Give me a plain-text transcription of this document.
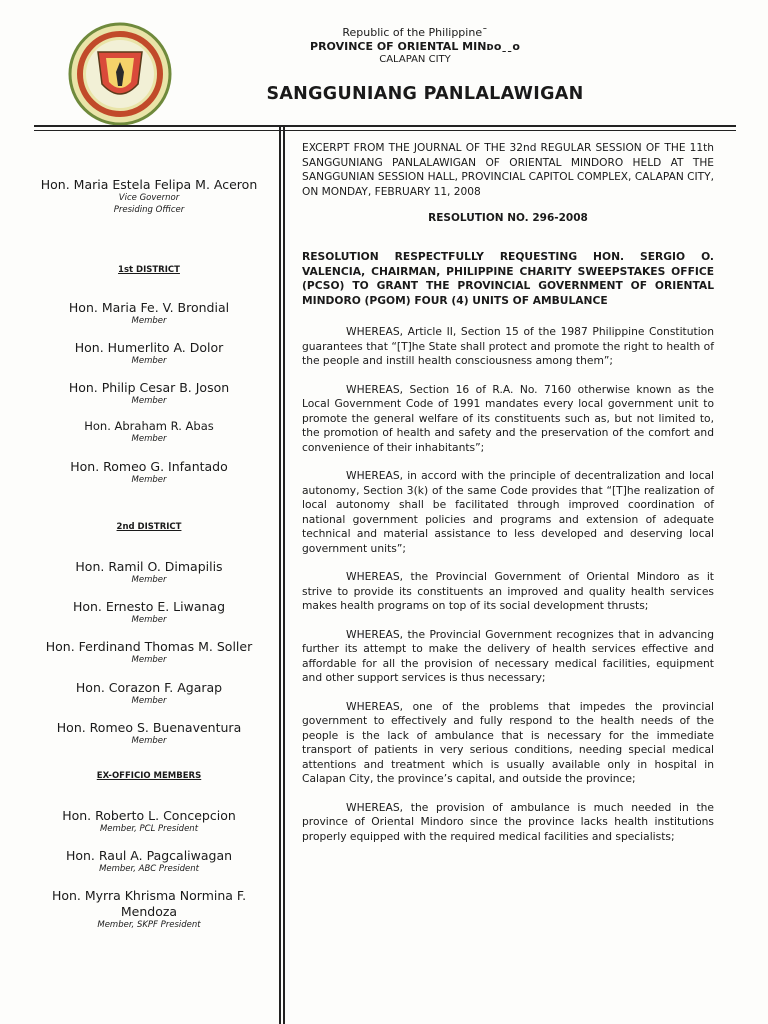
Republic of the Philippineˉ
PROVINCE OF ORIENTAL MINᴅᴏˍˍᴏ
CALAPAN CITY
SANGGUNIANG PANLALAWIGAN
Hon. Maria Estela Felipa M. Aceron
Vice Governor
Presiding Officer
1st DISTRICT
Hon. Maria Fe. V. Brondial
Member
Hon. Humerlito A. Dolor
Member
Hon. Philip Cesar B. Joson
Member
Hon. Abraham R. Abas
Member
Hon. Romeo G. Infantado
Member
2nd DISTRICT
Hon. Ramil O. Dimapilis
Member
Hon. Ernesto E. Liwanag
Member
Hon. Ferdinand Thomas M. Soller
Member
Hon. Corazon F. Agarap
Member
Hon. Romeo S. Buenaventura
Member
EX-OFFICIO MEMBERS
Hon. Roberto L. Concepcion
Member, PCL President
Hon. Raul A. Pagcaliwagan
Member, ABC President
Hon. Myrra Khrisma Normina F.
Mendoza
Member, SKPF President
EXCERPT FROM THE JOURNAL OF THE 32nd REGULAR SESSION OF THE 11th SANGGUNIANG PANLALAWIGAN OF ORIENTAL MINDORO HELD AT THE SANGGUNIAN SESSION HALL, PROVINCIAL CAPITOL COMPLEX, CALAPAN CITY, ON MONDAY, FEBRUARY 11, 2008
RESOLUTION NO. 296-2008
RESOLUTION RESPECTFULLY REQUESTING HON. SERGIO O. VALENCIA, CHAIRMAN, PHILIPPINE CHARITY SWEEPSTAKES OFFICE (PCSO) TO GRANT THE PROVINCIAL GOVERNMENT OF ORIENTAL MINDORO (PGOM) FOUR (4) UNITS OF AMBULANCE

WHEREAS, Article II, Section 15 of the 1987 Philippine Constitution guarantees that “[T]he State shall protect and promote the right to health of the people and instill health consciousness among them”;

WHEREAS, Section 16 of R.A. No. 7160 otherwise known as the Local Government Code of 1991 mandates every local government unit to promote the general welfare of its constituents such as, but not limited to, the promotion of health and safety and the preservation of the comfort and convenience of their inhabitants”;

WHEREAS, in accord with the principle of decentralization and local autonomy, Section 3(k) of the same Code provides that “[T]he realization of local autonomy shall be facilitated through improved coordination of national government policies and programs and extension of adequate technical and material assistance to less developed and deserving local government units”;

WHEREAS, the Provincial Government of Oriental Mindoro as it strive to provide its constituents an improved and quality health services makes health programs on top of its social development thrusts;

WHEREAS, the Provincial Government recognizes that in advancing further its attempt to make the delivery of health services effective and affordable for all the provision of necessary medical facilities, equipment and other support services is thus necessary;

WHEREAS, one of the problems that impedes the provincial government to effectively and fully respond to the health needs of the people is the lack of ambulance that is necessary for the immediate transport of patients in very serious conditions, needing special medical attentions and treatment which is usually available only in hospital in Calapan City, the province’s capital, and outside the province;

WHEREAS, the provision of ambulance is much needed in the province of Oriental Mindoro since the province lacks health institutions properly equipped with the required medical facilities and specialists;
